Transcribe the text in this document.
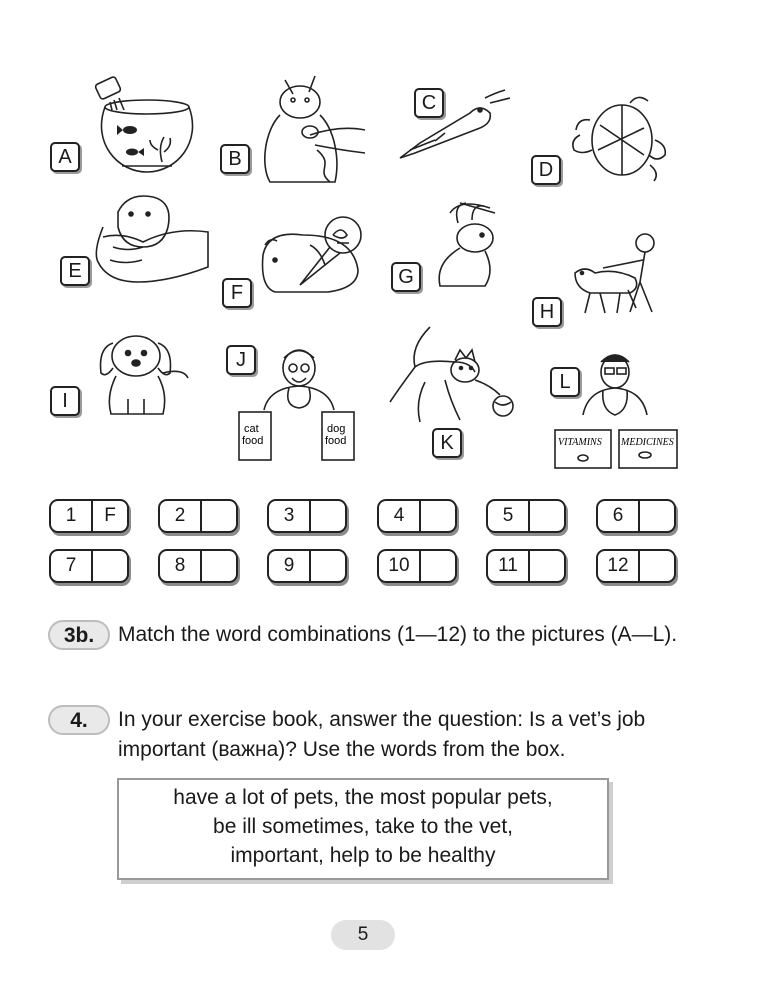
A	B
C
D
E
F
G
H
I
cat
food
dog
food
J
K	VITAMINS MEDICINES
L
1	F	2	3	4	5	6
7	8	9	10	11	12
3b.	Match the word combinations (1—12) to the pictures (A—L).
4.	In your exercise book, answer the question: Is a vet’s job important (важна)? Use the words from the box.
have a lot of pets, the most popular pets,
be ill sometimes, take to the vet,
important, help to be healthy
5
